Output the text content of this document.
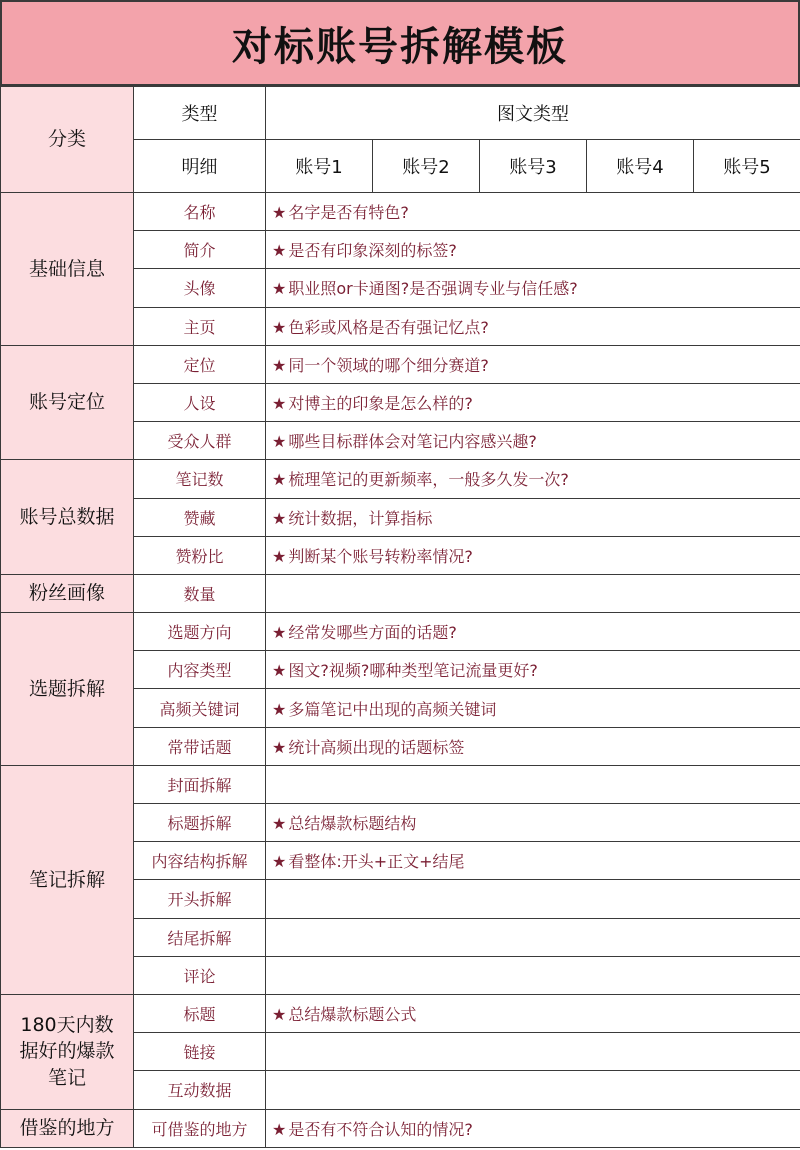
对标账号拆解模板
分类	类型	图文类型				
	明细	账号1	账号2	账号3	账号4	账号5
基础信息	名称	★ 名字是否有特色?				
	简介	★ 是否有印象深刻的标签?				
	头像	★ 职业照or卡通图?是否强调专业与信任感?				
	主页	★ 色彩或风格是否有强记忆点?				
账号定位	定位	★ 同一个领域的哪个细分赛道?				
	人设	★ 对博主的印象是怎么样的?				
	受众人群	★ 哪些目标群体会对笔记内容感兴趣?				
账号总数据	笔记数	★ 梳理笔记的更新频率，一般多久发一次?				
	赞藏	★ 统计数据，计算指标				
	赞粉比	★ 判断某个账号转粉率情况?				
粉丝画像	数量					
选题拆解	选题方向	★ 经常发哪些方面的话题?				
	内容类型	★ 图文?视频?哪种类型笔记流量更好?				
	高频关键词	★ 多篇笔记中出现的高频关键词				
	常带话题	★ 统计高频出现的话题标签				
笔记拆解	封面拆解					
	标题拆解	★ 总结爆款标题结构				
	内容结构拆解	★ 看整体:开头+正文+结尾				
	开头拆解					
	结尾拆解					
	评论					

180天内数
据好的爆款
笔记	标题	★ 总结爆款标题公式				
	链接					
	互动数据					
借鉴的地方	可借鉴的地方	★ 是否有不符合认知的情况?				
